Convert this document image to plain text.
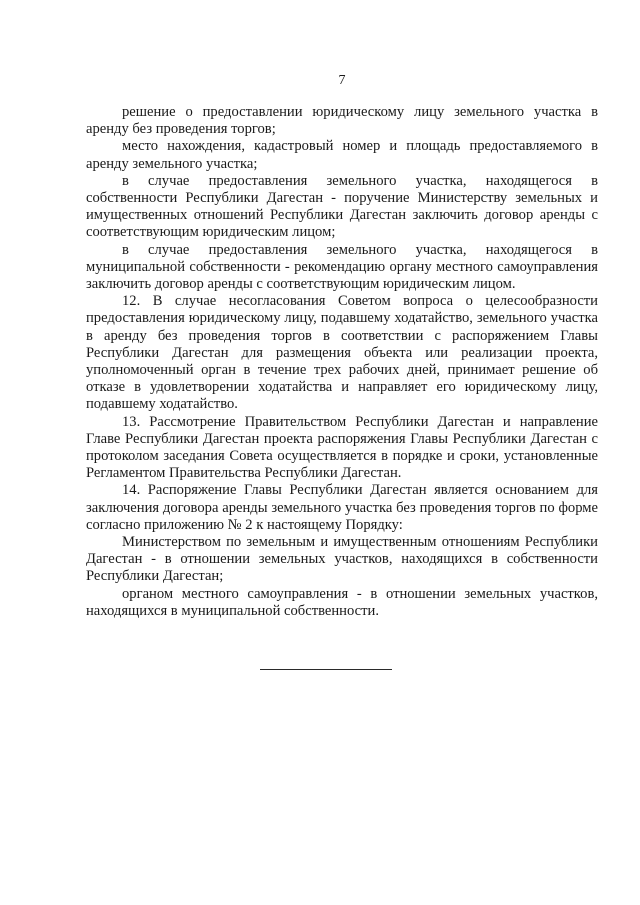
7

решение о предоставлении юридическому лицу земельного участка в аренду без проведения торгов;

место нахождения, кадастровый номер и площадь предоставляемого в аренду земельного участка;

в случае предоставления земельного участка, находящегося в собственности Республики Дагестан - поручение Министерству земельных и имущественных отношений Республики Дагестан заключить договор аренды с соответствующим юридическим лицом;

в случае предоставления земельного участка, находящегося в муниципальной собственности - рекомендацию органу местного самоуправления заключить договор аренды с соответствующим юридическим лицом.

12. В случае несогласования Советом вопроса о целесообразности предоставления юридическому лицу, подавшему ходатайство, земельного участка в аренду без проведения торгов в соответствии с распоряжением Главы Республики Дагестан для размещения объекта или реализации проекта, уполномоченный орган в течение трех рабочих дней, принимает решение об отказе в удовлетворении ходатайства и направляет его юридическому лицу, подавшему ходатайство.

13. Рассмотрение Правительством Республики Дагестан и направление Главе Республики Дагестан проекта распоряжения Главы Республики Дагестан с протоколом заседания Совета осуществляется в порядке и сроки, установленные Регламентом Правительства Республики Дагестан.

14. Распоряжение Главы Республики Дагестан является основанием для заключения договора аренды земельного участка без проведения торгов по форме согласно приложению № 2 к настоящему Порядку:

Министерством по земельным и имущественным отношениям Республики Дагестан - в отношении земельных участков, находящихся в собственности Республики Дагестан;

органом местного самоуправления - в отношении земельных участков, находящихся в муниципальной собственности.
